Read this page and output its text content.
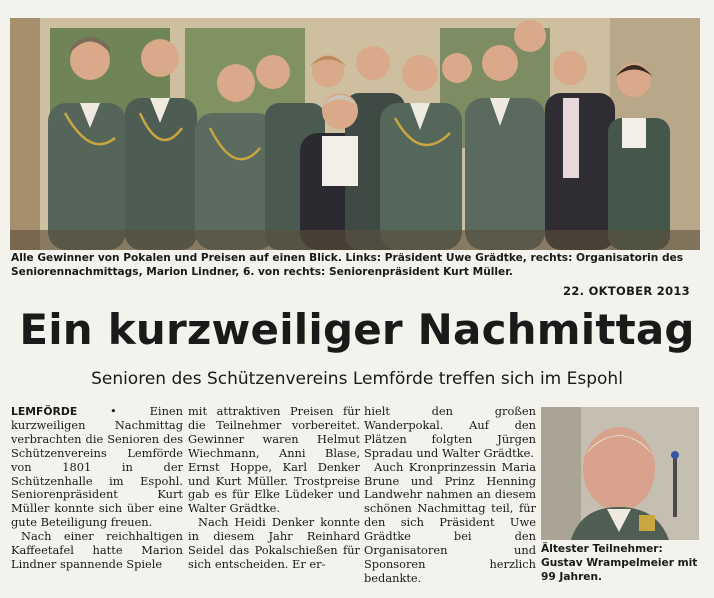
Alle Gewinner von Pokalen und Preisen auf einen Blick. Links: Präsident Uwe Grädtke, rechts: Organisatorin des Seniorennachmittags, Marion Lindner, 6. von rechts: Seniorenpräsident Kurt Müller.
22. OKTOBER 2013
Ein kurzweiliger Nachmittag
Senioren des Schützenvereins Lemförde treffen sich im Espohl

LEMFÖRDE • Einen kurzweiligen Nachmittag verbrachten die Senioren des Schützenvereins Lemförde von 1801 in der Schützenhalle im Espohl. Seniorenpräsident Kurt Müller konnte sich über eine gute Beteiligung freuen.

Nach einer reichhaltigen Kaffeetafel hatte Marion Lindner spannende Spiele

mit attraktiven Preisen für die Teilnehmer vorbereitet. Gewinner waren Helmut Wiechmann, Anni Blase, Ernst Hoppe, Karl Denker und Kurt Müller. Trostpreise gab es für Elke Lüdeker und Walter Grädtke.

Nach Heidi Denker konnte in diesem Jahr Reinhard Seidel das Pokalschießen für sich entscheiden. Er er-

hielt den großen Wanderpokal. Auf den Plätzen folgten Jürgen Spradau und Walter Grädtke.

Auch Kronprinzessin Maria Brune und Prinz Henning Landwehr nahmen an diesem schönen Nachmittag teil, für den sich Präsident Uwe Grädtke bei den Organisatoren und Sponsoren herzlich bedankte.

Ältester Teilnehmer: Gustav Wrampelmeier mit 99 Jahren.
